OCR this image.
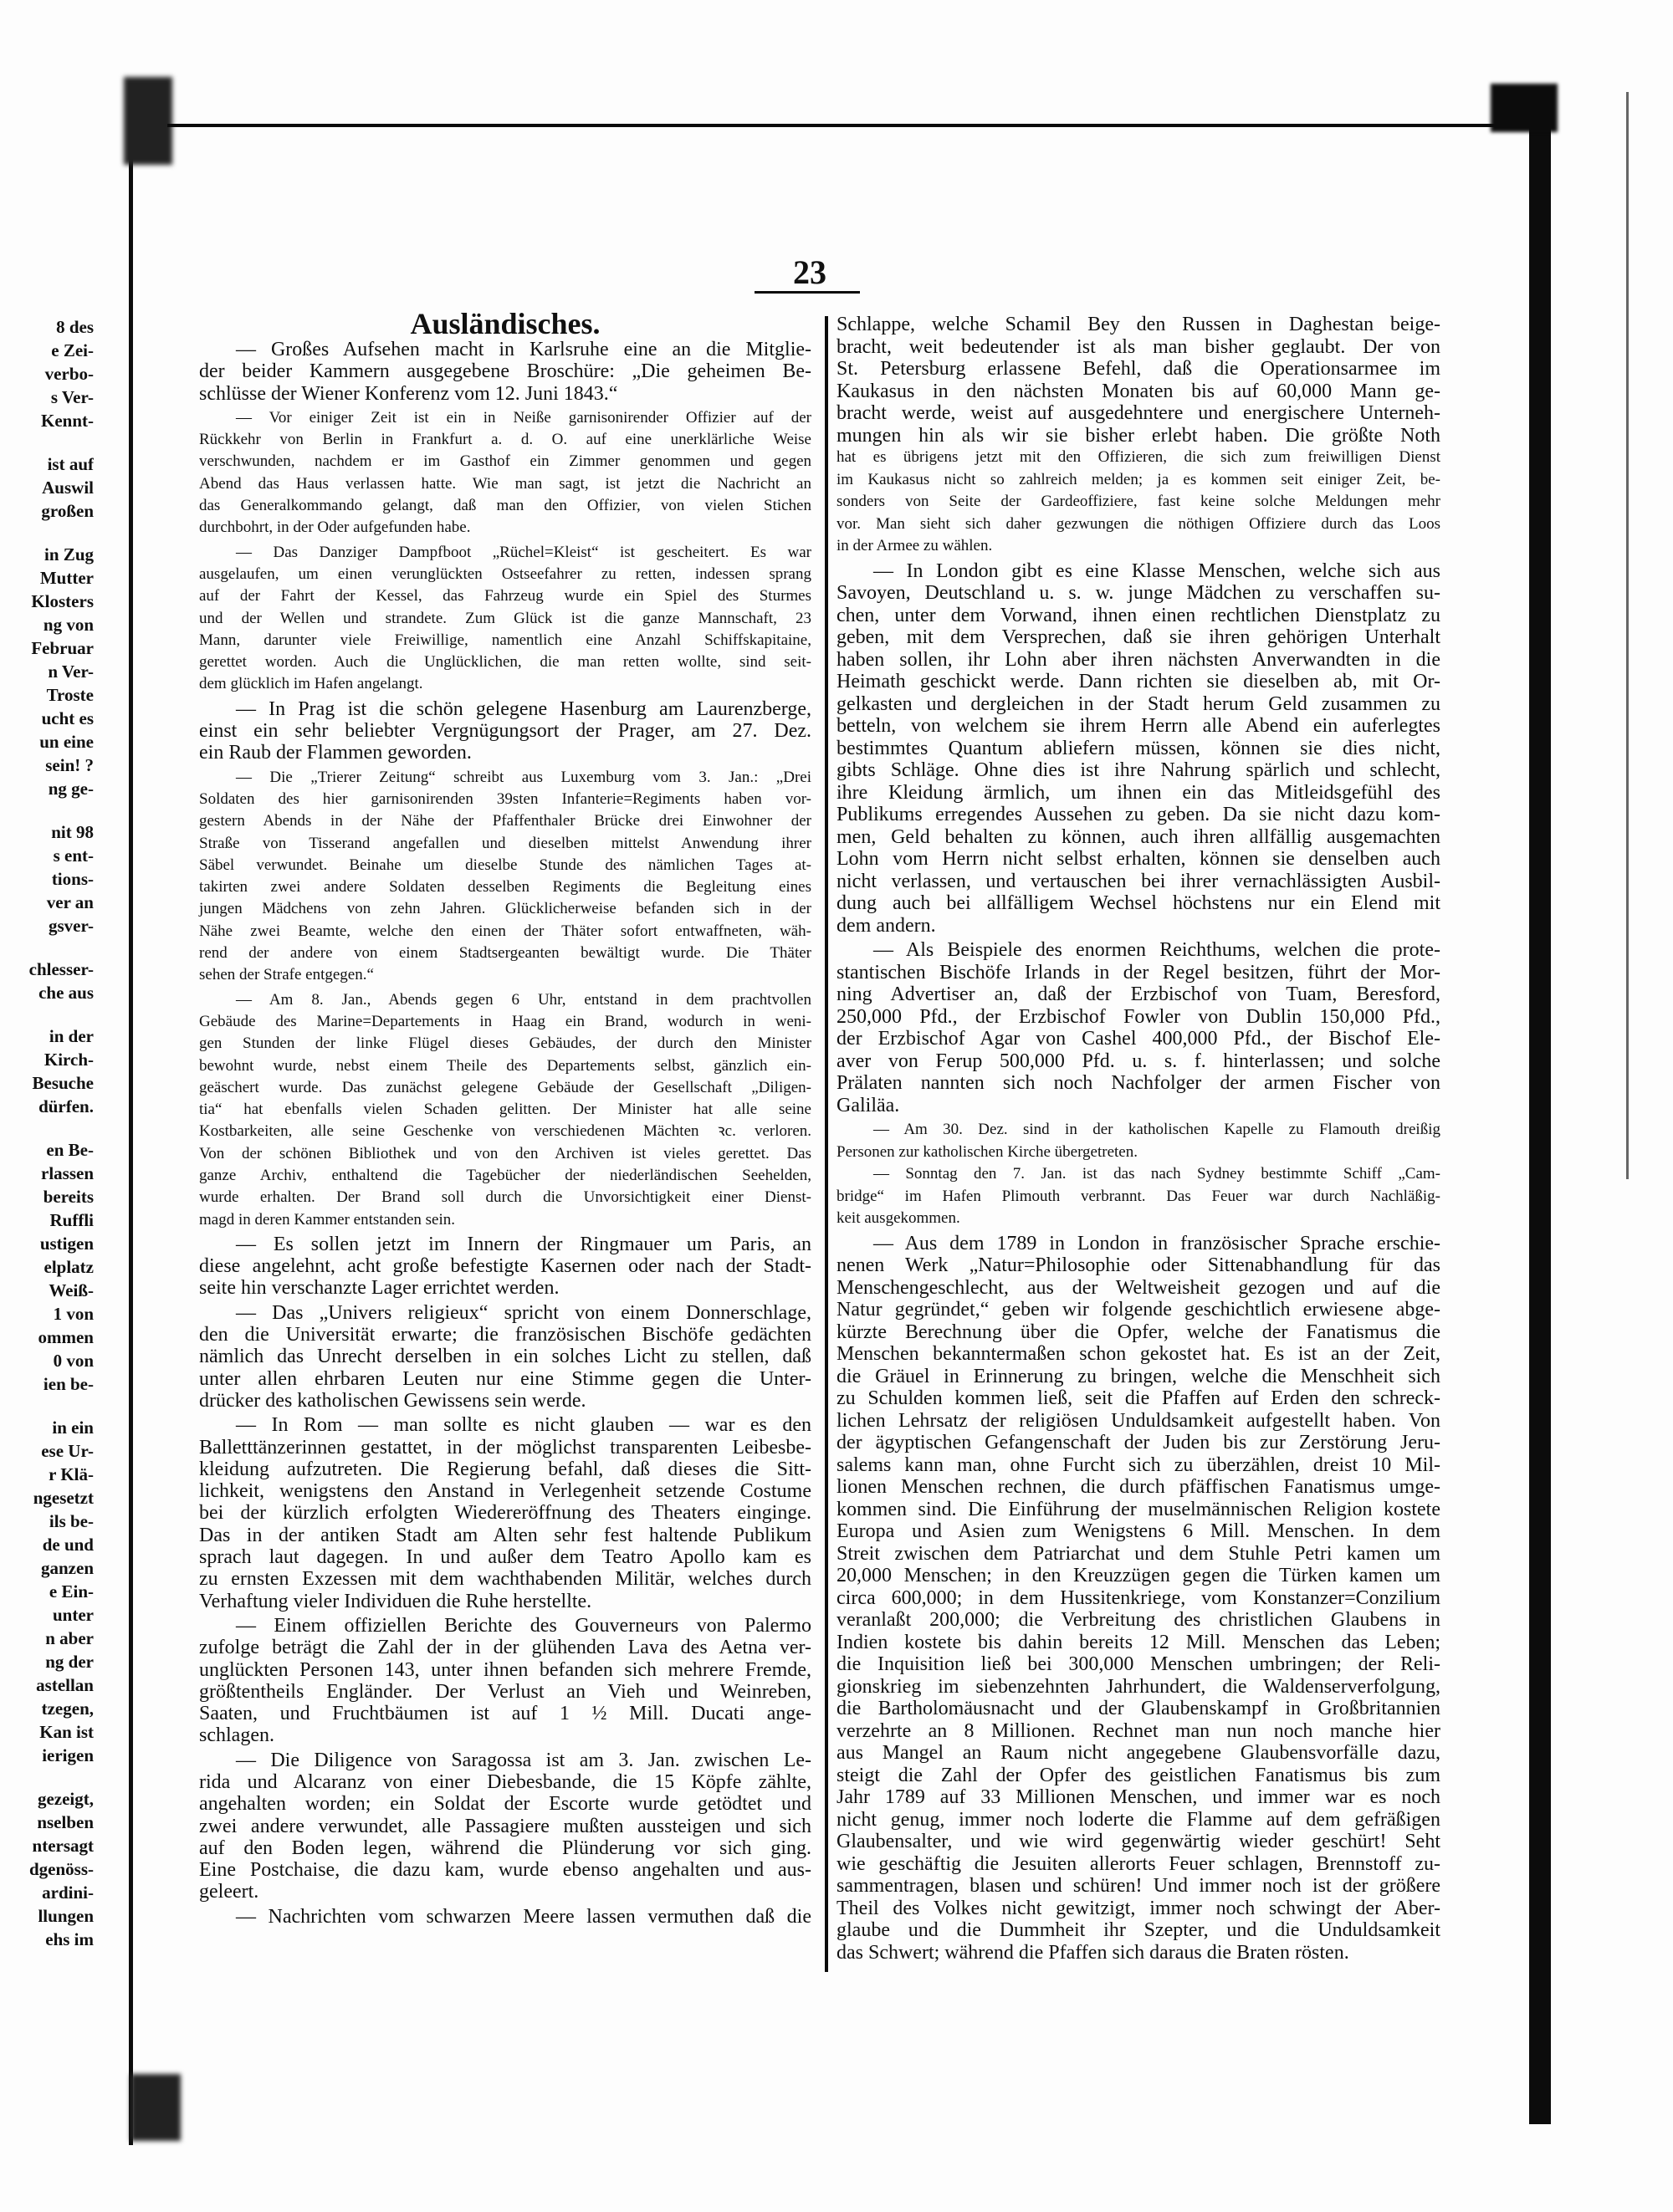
8 des
e Zei-
verbo-
s Ver-
Kennt-
ist auf
Auswil
großen
in Zug
Mutter
Klosters
ng von
Februar
n Ver-
Troste
ucht es
un eine
sein! ?
ng ge-
nit 98
s ent-
tions-
ver an
gsver-
chlesser-
che aus
in der
Kirch-
Besuche
dürfen.
en Be-
rlassen
bereits
Ruffli
ustigen
elplatz
Weiß-
1 von
ommen
0 von
ien be-
in ein
ese Ur-
r Klä-
ngesetzt
ils be-
de und
ganzen
e Ein-
unter
n aber
ng der
astellan
tzegen,
Kan ist
ierigen
gezeigt,
nselben
ntersagt
dgenöss-
ardini-
llungen
ehs im
23
Ausländisches.
— Großes Aufsehen macht in Karlsruhe eine an die Mitglie-
der beider Kammern ausgegebene Broschüre: „Die geheimen Be-
schlüsse der Wiener Konferenz vom 12. Juni 1843.“
— Vor einiger Zeit ist ein in Neiße garnisonirender Offizier auf der
Rückkehr von Berlin in Frankfurt a. d. O. auf eine unerklärliche Weise
verschwunden, nachdem er im Gasthof ein Zimmer genommen und gegen
Abend das Haus verlassen hatte. Wie man sagt, ist jetzt die Nachricht an
das Generalkommando gelangt, daß man den Offizier, von vielen Stichen
durchbohrt, in der Oder aufgefunden habe.
— Das Danziger Dampfboot „Rüchel=Kleist“ ist gescheitert. Es war
ausgelaufen, um einen verunglückten Ostseefahrer zu retten, indessen sprang
auf der Fahrt der Kessel, das Fahrzeug wurde ein Spiel des Sturmes
und der Wellen und strandete. Zum Glück ist die ganze Mannschaft, 23
Mann, darunter viele Freiwillige, namentlich eine Anzahl Schiffskapitaine,
gerettet worden. Auch die Unglücklichen, die man retten wollte, sind seit-
dem glücklich im Hafen angelangt.
— In Prag ist die schön gelegene Hasenburg am Laurenzberge,
einst ein sehr beliebter Vergnügungsort der Prager, am 27. Dez.
ein Raub der Flammen geworden.
— Die „Trierer Zeitung“ schreibt aus Luxemburg vom 3. Jan.: „Drei
Soldaten des hier garnisonirenden 39sten Infanterie=Regiments haben vor-
gestern Abends in der Nähe der Pfaffenthaler Brücke drei Einwohner der
Straße von Tisserand angefallen und dieselben mittelst Anwendung ihrer
Säbel verwundet. Beinahe um dieselbe Stunde des nämlichen Tages at-
takirten zwei andere Soldaten desselben Regiments die Begleitung eines
jungen Mädchens von zehn Jahren. Glücklicherweise befanden sich in der
Nähe zwei Beamte, welche den einen der Thäter sofort entwaffneten, wäh-
rend der andere von einem Stadtsergeanten bewältigt wurde. Die Thäter
sehen der Strafe entgegen.“
— Am 8. Jan., Abends gegen 6 Uhr, entstand in dem prachtvollen
Gebäude des Marine=Departements in Haag ein Brand, wodurch in weni-
gen Stunden der linke Flügel dieses Gebäudes, der durch den Minister
bewohnt wurde, nebst einem Theile des Departements selbst, gänzlich ein-
geäschert wurde. Das zunächst gelegene Gebäude der Gesellschaft „Diligen-
tia“ hat ebenfalls vielen Schaden gelitten. Der Minister hat alle seine
Kostbarkeiten, alle seine Geschenke von verschiedenen Mächten ꝛc. verloren.
Von der schönen Bibliothek und von den Archiven ist vieles gerettet. Das
ganze Archiv, enthaltend die Tagebücher der niederländischen Seehelden,
wurde erhalten. Der Brand soll durch die Unvorsichtigkeit einer Dienst-
magd in deren Kammer entstanden sein.
— Es sollen jetzt im Innern der Ringmauer um Paris, an
diese angelehnt, acht große befestigte Kasernen oder nach der Stadt-
seite hin verschanzte Lager errichtet werden.
— Das „Univers religieux“ spricht von einem Donnerschlage,
den die Universität erwarte; die französischen Bischöfe gedächten
nämlich das Unrecht derselben in ein solches Licht zu stellen, daß
unter allen ehrbaren Leuten nur eine Stimme gegen die Unter-
drücker des katholischen Gewissens sein werde.
— In Rom — man sollte es nicht glauben — war es den
Balletttänzerinnen gestattet, in der möglichst transparenten Leibesbe-
kleidung aufzutreten. Die Regierung befahl, daß dieses die Sitt-
lichkeit, wenigstens den Anstand in Verlegenheit setzende Costume
bei der kürzlich erfolgten Wiedereröffnung des Theaters einginge.
Das in der antiken Stadt am Alten sehr fest haltende Publikum
sprach laut dagegen. In und außer dem Teatro Apollo kam es
zu ernsten Exzessen mit dem wachthabenden Militär, welches durch
Verhaftung vieler Individuen die Ruhe herstellte.
— Einem offiziellen Berichte des Gouverneurs von Palermo
zufolge beträgt die Zahl der in der glühenden Lava des Aetna ver-
unglückten Personen 143, unter ihnen befanden sich mehrere Fremde,
größtentheils Engländer. Der Verlust an Vieh und Weinreben,
Saaten, und Fruchtbäumen ist auf 1 ½ Mill. Ducati ange-
schlagen.
— Die Diligence von Saragossa ist am 3. Jan. zwischen Le-
rida und Alcaranz von einer Diebesbande, die 15 Köpfe zählte,
angehalten worden; ein Soldat der Escorte wurde getödtet und
zwei andere verwundet, alle Passagiere mußten aussteigen und sich
auf den Boden legen, während die Plünderung vor sich ging.
Eine Postchaise, die dazu kam, wurde ebenso angehalten und aus-
geleert.
— Nachrichten vom schwarzen Meere lassen vermuthen daß die
Schlappe, welche Schamil Bey den Russen in Daghestan beige-
bracht, weit bedeutender ist als man bisher geglaubt. Der von
St. Petersburg erlassene Befehl, daß die Operationsarmee im
Kaukasus in den nächsten Monaten bis auf 60,000 Mann ge-
bracht werde, weist auf ausgedehntere und energischere Unterneh-
mungen hin als wir sie bisher erlebt haben. Die größte Noth
hat es übrigens jetzt mit den Offizieren, die sich zum freiwilligen Dienst
im Kaukasus nicht so zahlreich melden; ja es kommen seit einiger Zeit, be-
sonders von Seite der Gardeoffiziere, fast keine solche Meldungen mehr
vor. Man sieht sich daher gezwungen die nöthigen Offiziere durch das Loos
in der Armee zu wählen.
— In London gibt es eine Klasse Menschen, welche sich aus
Savoyen, Deutschland u. s. w. junge Mädchen zu verschaffen su-
chen, unter dem Vorwand, ihnen einen rechtlichen Dienstplatz zu
geben, mit dem Versprechen, daß sie ihren gehörigen Unterhalt
haben sollen, ihr Lohn aber ihren nächsten Anverwandten in die
Heimath geschickt werde. Dann richten sie dieselben ab, mit Or-
gelkasten und dergleichen in der Stadt herum Geld zusammen zu
betteln, von welchem sie ihrem Herrn alle Abend ein auferlegtes
bestimmtes Quantum abliefern müssen, können sie dies nicht,
gibts Schläge. Ohne dies ist ihre Nahrung spärlich und schlecht,
ihre Kleidung ärmlich, um ihnen ein das Mitleidsgefühl des
Publikums erregendes Aussehen zu geben. Da sie nicht dazu kom-
men, Geld behalten zu können, auch ihren allfällig ausgemachten
Lohn vom Herrn nicht selbst erhalten, können sie denselben auch
nicht verlassen, und vertauschen bei ihrer vernachlässigten Ausbil-
dung auch bei allfälligem Wechsel höchstens nur ein Elend mit
dem andern.
— Als Beispiele des enormen Reichthums, welchen die prote-
stantischen Bischöfe Irlands in der Regel besitzen, führt der Mor-
ning Advertiser an, daß der Erzbischof von Tuam, Beresford,
250,000 Pfd., der Erzbischof Fowler von Dublin 150,000 Pfd.,
der Erzbischof Agar von Cashel 400,000 Pfd., der Bischof Ele-
aver von Ferup 500,000 Pfd. u. s. f. hinterlassen; und solche
Prälaten nannten sich noch Nachfolger der armen Fischer von
Galiläa.
— Am 30. Dez. sind in der katholischen Kapelle zu Flamouth dreißig
Personen zur katholischen Kirche übergetreten.
— Sonntag den 7. Jan. ist das nach Sydney bestimmte Schiff „Cam-
bridge“ im Hafen Plimouth verbrannt. Das Feuer war durch Nachläßig-
keit ausgekommen.
— Aus dem 1789 in London in französischer Sprache erschie-
nenen Werk „Natur=Philosophie oder Sittenabhandlung für das
Menschengeschlecht, aus der Weltweisheit gezogen und auf die
Natur gegründet,“ geben wir folgende geschichtlich erwiesene abge-
kürzte Berechnung über die Opfer, welche der Fanatismus die
Menschen bekanntermaßen schon gekostet hat. Es ist an der Zeit,
die Gräuel in Erinnerung zu bringen, welche die Menschheit sich
zu Schulden kommen ließ, seit die Pfaffen auf Erden den schreck-
lichen Lehrsatz der religiösen Unduldsamkeit aufgestellt haben. Von
der ägyptischen Gefangenschaft der Juden bis zur Zerstörung Jeru-
salems kann man, ohne Furcht sich zu überzählen, dreist 10 Mil-
lionen Menschen rechnen, die durch pfäffischen Fanatismus umge-
kommen sind. Die Einführung der muselmännischen Religion kostete
Europa und Asien zum Wenigstens 6 Mill. Menschen. In dem
Streit zwischen dem Patriarchat und dem Stuhle Petri kamen um
20,000 Menschen; in den Kreuzzügen gegen die Türken kamen um
circa 600,000; in dem Hussitenkriege, vom Konstanzer=Conzilium
veranlaßt 200,000; die Verbreitung des christlichen Glaubens in
Indien kostete bis dahin bereits 12 Mill. Menschen das Leben;
die Inquisition ließ bei 300,000 Menschen umbringen; der Reli-
gionskrieg im siebenzehnten Jahrhundert, die Waldenserverfolgung,
die Bartholomäusnacht und der Glaubenskampf in Großbritannien
verzehrte an 8 Millionen. Rechnet man nun noch manche hier
aus Mangel an Raum nicht angegebene Glaubensvorfälle dazu,
steigt die Zahl der Opfer des geistlichen Fanatismus bis zum
Jahr 1789 auf 33 Millionen Menschen, und immer war es noch
nicht genug, immer noch loderte die Flamme auf dem gefräßigen
Glaubensalter, und wie wird gegenwärtig wieder geschürt! Seht
wie geschäftig die Jesuiten allerorts Feuer schlagen, Brennstoff zu-
sammentragen, blasen und schüren! Und immer noch ist der größere
Theil des Volkes nicht gewitzigt, immer noch schwingt der Aber-
glaube und die Dummheit ihr Szepter, und die Unduldsamkeit
das Schwert; während die Pfaffen sich daraus die Braten rösten.
